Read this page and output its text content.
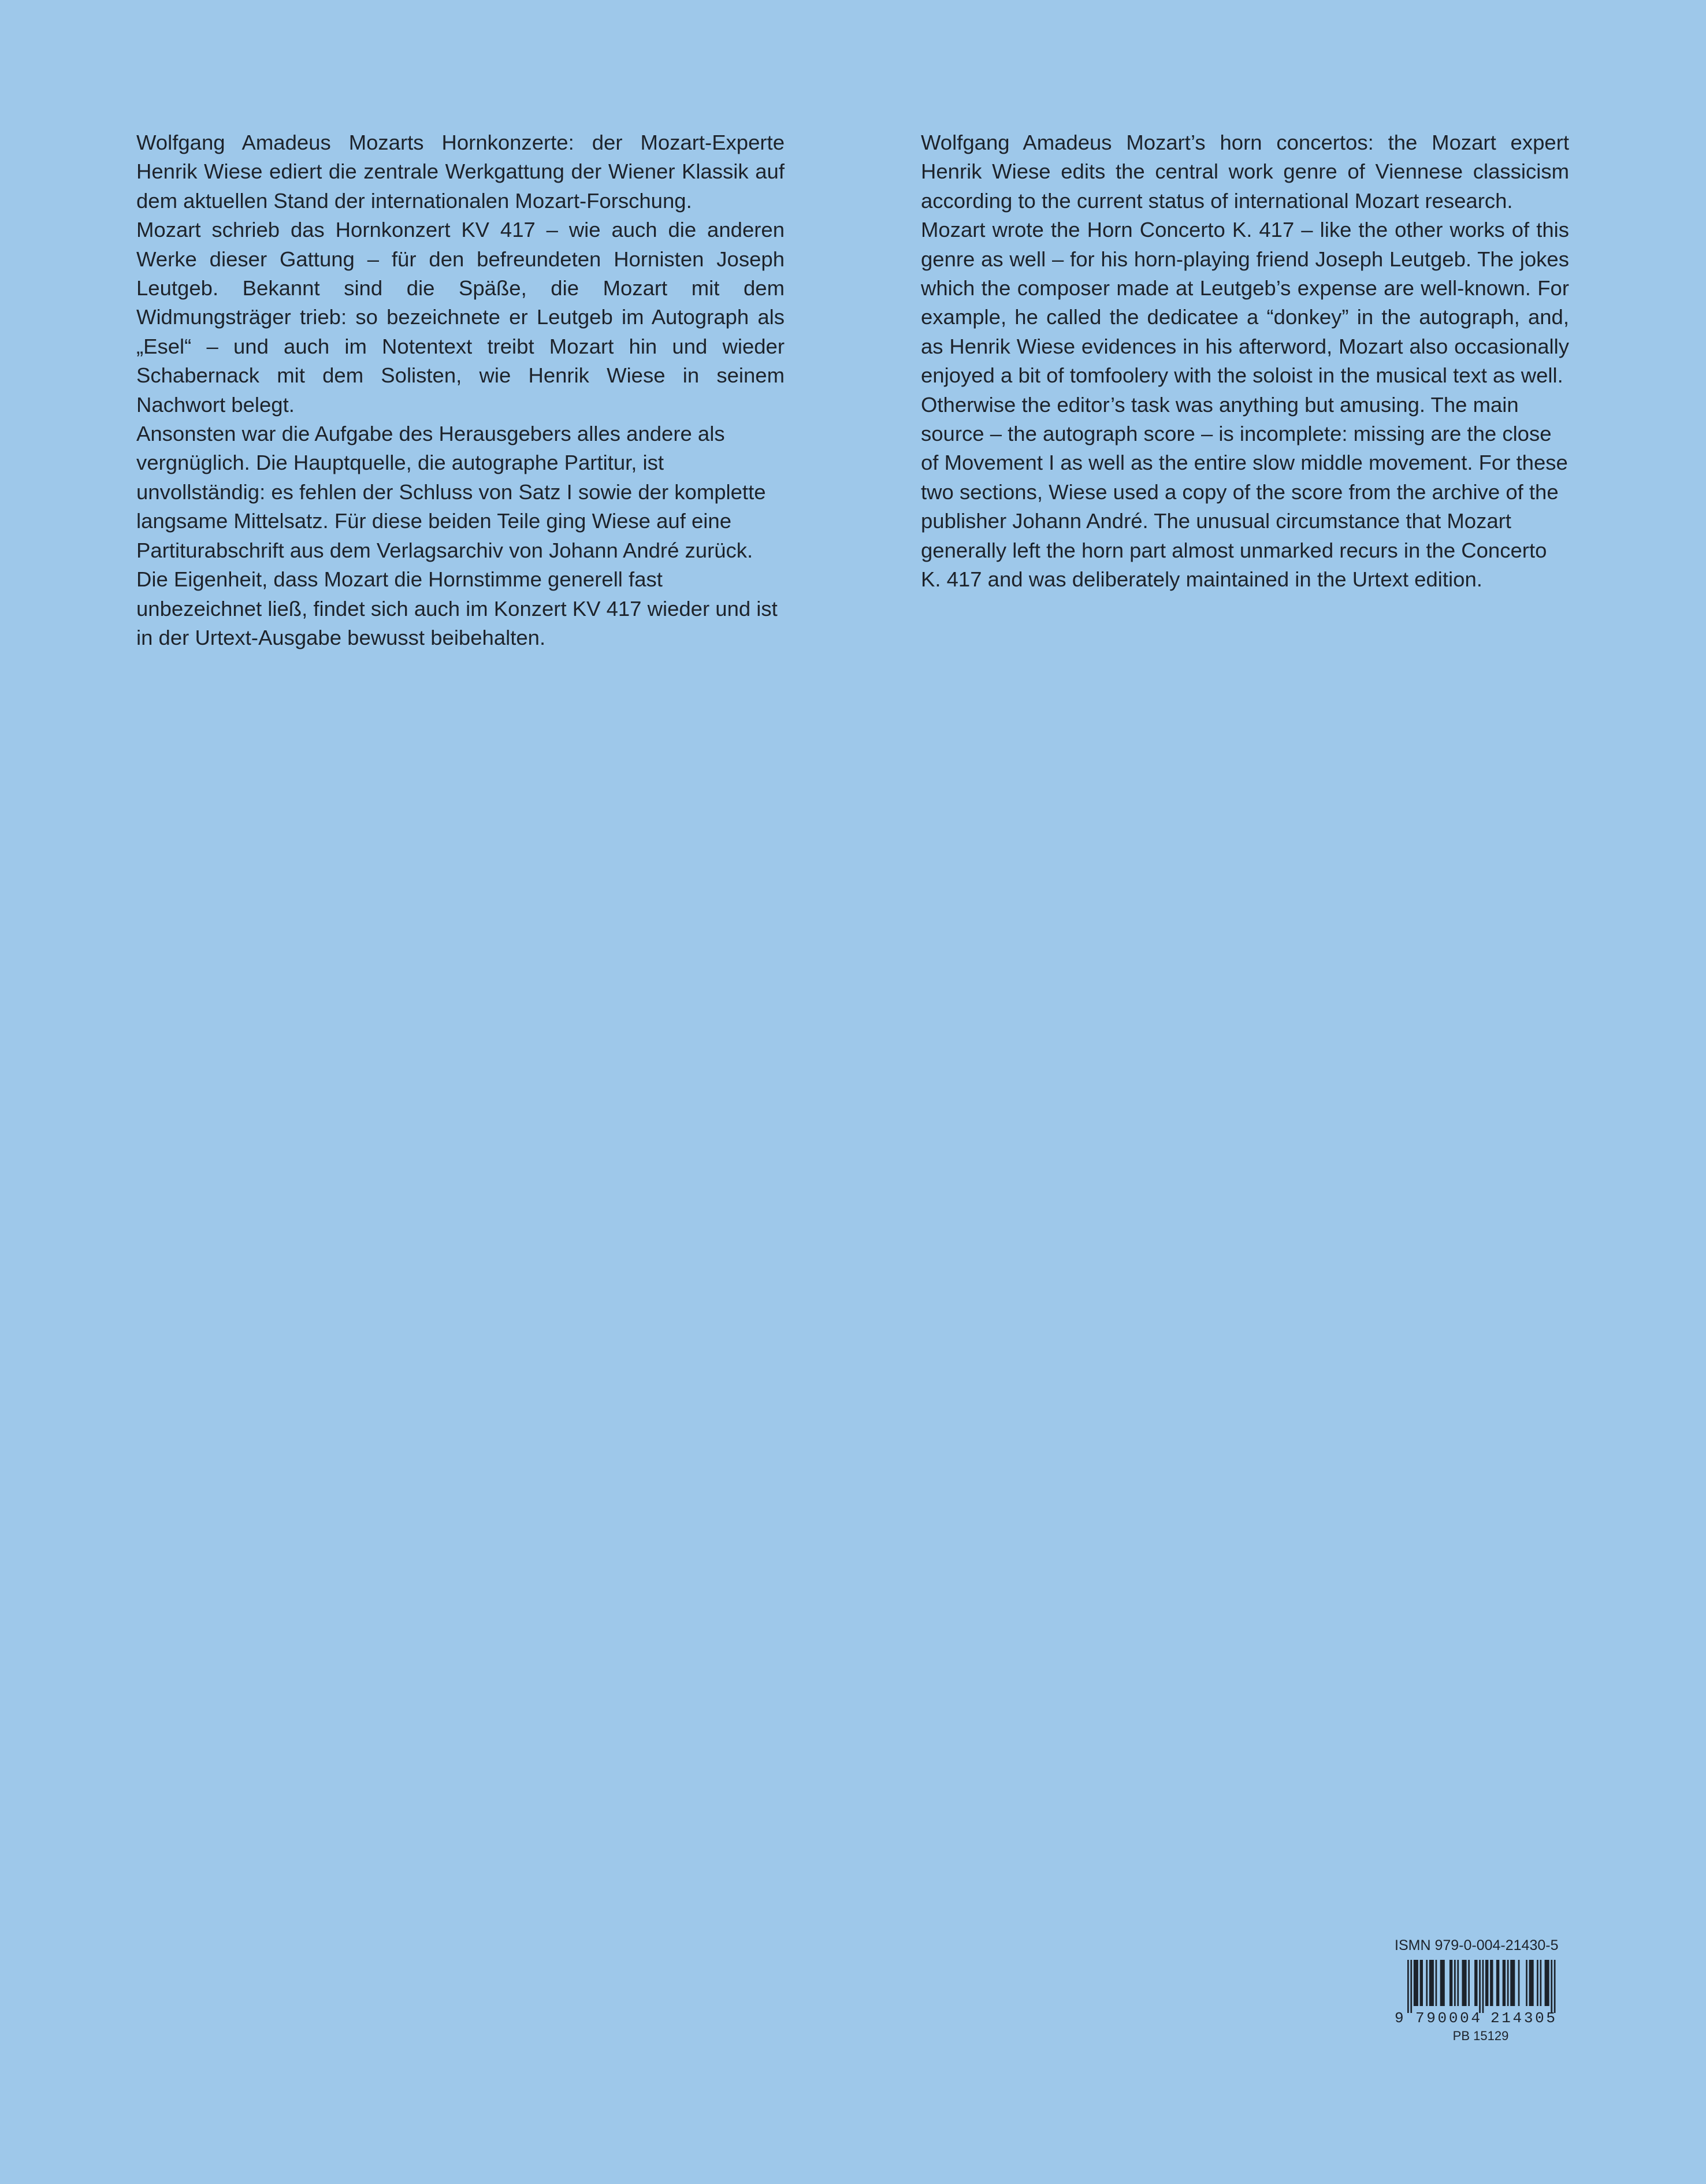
Wolfgang Amadeus Mozarts Hornkonzerte: der Mozart-Experte Henrik Wiese ediert die zentrale Werkgattung der Wiener Klassik auf dem aktuellen Stand der internationalen Mozart-Forschung.

Mozart schrieb das Hornkonzert KV 417 – wie auch die anderen Werke dieser Gattung – für den befreundeten Hornisten Joseph Leutgeb. Bekannt sind die Späße, die Mozart mit dem Widmungsträger trieb: so bezeichnete er Leutgeb im Autograph als „Esel“ – und auch im Notentext treibt Mozart hin und wieder Schabernack mit dem Solisten, wie Henrik Wiese in seinem Nachwort belegt.

Ansonsten war die Aufgabe des Herausgebers alles andere als vergnüglich. Die Hauptquelle, die autographe Partitur, ist unvollständig: es fehlen der Schluss von Satz I sowie der komplette langsame Mittelsatz. Für diese beiden Teile ging Wiese auf eine Partiturabschrift aus dem Verlagsarchiv von Johann André zurück. Die Eigenheit, dass Mozart die Hornstimme generell fast unbezeichnet ließ, findet sich auch im Konzert KV 417 wieder und ist in der Urtext-Ausgabe bewusst beibehalten.

Wolfgang Amadeus Mozart’s horn concertos: the Mozart expert Henrik Wiese edits the central work genre of Viennese classicism according to the current status of international Mozart research.

Mozart wrote the Horn Concerto K. 417 – like the other works of this genre as well – for his horn-playing friend Joseph Leutgeb. The jokes which the composer made at Leutgeb’s expense are well-known. For example, he called the dedicatee a “donkey” in the autograph, and, as Henrik Wiese evidences in his afterword, Mozart also occasionally enjoyed a bit of tomfoolery with the soloist in the musical text as well.

Otherwise the editor’s task was anything but amusing. The main source – the autograph score – is incomplete: missing are the close of Movement I as well as the entire slow middle movement. For these two sections, Wiese used a copy of the score from the archive of the publisher Johann André. The unusual circumstance that Mozart generally left the horn part almost unmarked recurs in the Concerto K. 417 and was deliberately maintained in the Urtext edition.

ISMN 979-0-004-21430-5
9 790004 214305
PB 15129
